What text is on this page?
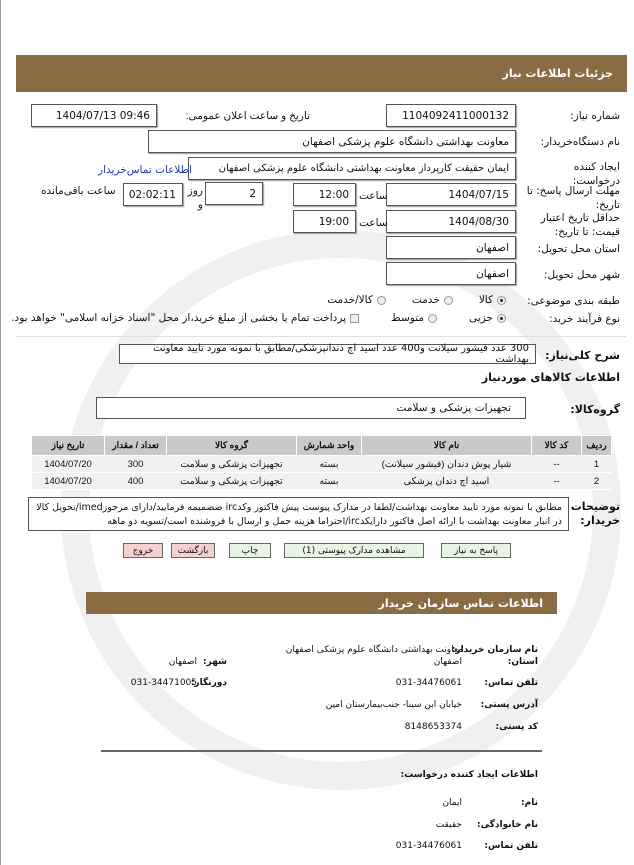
جزئیات اطلاعات نیاز
شماره نیاز:
1104092411000132
تاریخ و ساعت اعلان عمومی:
1404/07/13 09:46
نام دستگاه‌خریدار:
معاونت بهداشتی دانشگاه علوم پزشکی اصفهان
ایجاد کننده درخواست:
ایمان حقیقت کارپرداز معاونت بهداشتی دانشگاه علوم پزشکی اصفهان
اطلاعات تماس‌خریدار
مهلت ارسال پاسخ: تا تاریخ:
1404/07/15
ساعت
12:00
روز و
2
02:02:11
ساعت باقی‌مانده
حداقل تاریخ اعتبار قیمت: تا تاریخ:
1404/08/30
ساعت
19:00
استان محل تحویل:
اصفهان
شهر محل تحویل:
اصفهان
طبقه بندی موضوعی:
کالا
خدمت
کالا/خدمت
نوع فرآیند خرید:
جزیی
متوسط
پرداخت تمام یا بخشی از مبلغ خرید،از محل "اسناد خزانه اسلامی" خواهد بود.
شرح کلی‌نیاز:
300 عدد فیشور سیلانت و400 عدد اسید اچ دندانپزشکی/مطابق با نمونه مورد تایید معاونت بهداشت
اطلاعات کالاهای موردنیاز
گروه‌کالا:
تجهیزات پزشکی و سلامت
ردیف	کد کالا	نام کالا	واحد شمارش	گروه کالا	تعداد / مقدار	تاریخ نیاز
1	--	شیار پوش دندان (فیشور سیلانت)	بسته	تجهیزات پزشکی و سلامت	300	1404/07/20
2	--	اسید اچ دندان پزشکی	بسته	تجهیزات پزشکی و سلامت	400	1404/07/20
توضیحات خریدار:
مطابق با نمونه مورد تایید معاونت بهداشت/لطفا در مدارک پیوست پیش فاکتور وکدirc ضضمیمه فرمایید/دارای مرجوزimed/تحویل کالا در انبار معاونت بهداشت با ارائه اصل فاکتور دارایکدirc/احتراما هزینه حمل و ارسال با فروشنده است/تسویه دو ماهه
پاسخ به نیاز
مشاهده مدارک پیوستی (1)
چاپ
بازگشت
خروج
اطلاعات تماس سازمان خریدار
نام سازمان خریدار:
معاونت بهداشتی دانشگاه علوم پزشکی اصفهان
استان:
اصفهان
شهر:
اصفهان
تلفن تماس:
031-34476061
دورنگار:
031-34471005
آدرس پستی:
خیابان ابن سینا- جنب‌بیمارستان امین
کد پستی:
8148653374
اطلاعات ایجاد کننده درخواست:
نام:
ایمان
نام خانوادگی:
حقیقت
تلفن تماس:
031-34476061
